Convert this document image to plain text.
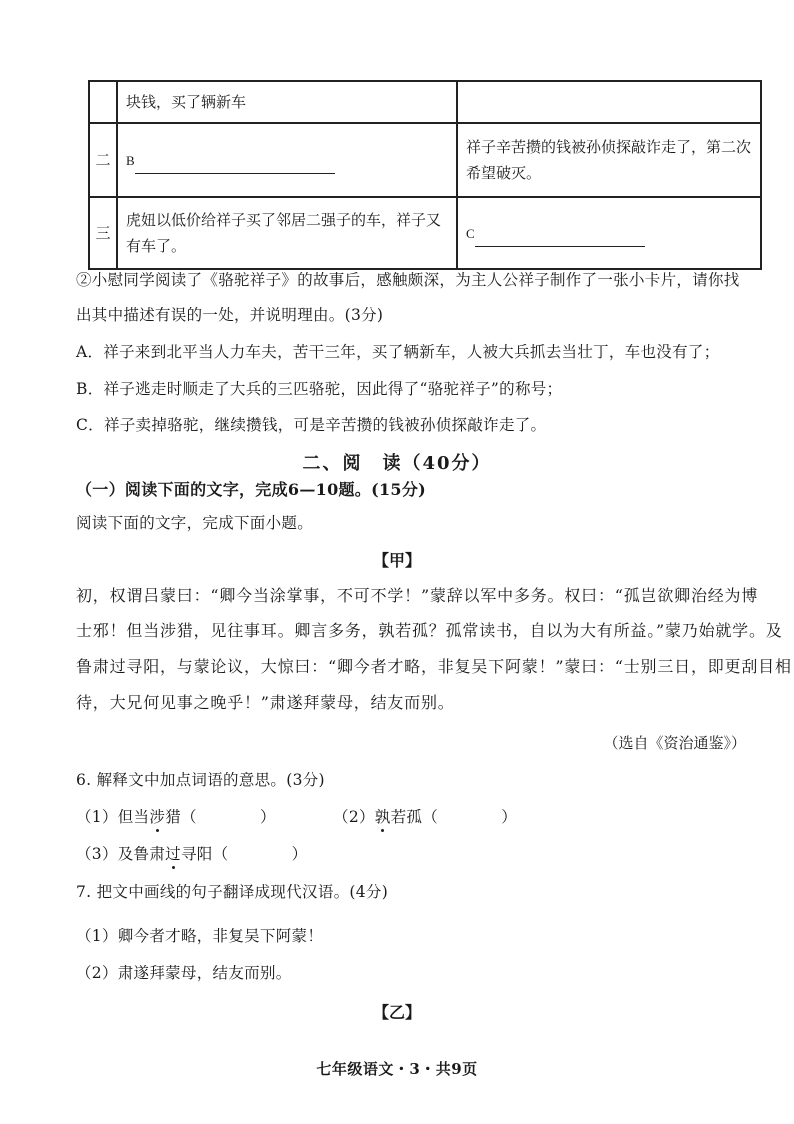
	块钱，买了辆新车	
二	B	祥子辛苦攒的钱被孙侦探敲诈走了，第二次希望破灭。
三	虎妞以低价给祥子买了邻居二强子的车，祥子又有车了。	C
②小慰同学阅读了《骆驼祥子》的故事后，感触颇深，为主人公祥子制作了一张小卡片，请你找
出其中描述有误的一处，并说明理由。(3分)
A．祥子来到北平当人力车夫，苦干三年，买了辆新车，人被大兵抓去当壮丁，车也没有了；
B．祥子逃走时顺走了大兵的三匹骆驼，因此得了“骆驼祥子”的称号；
C．祥子卖掉骆驼，继续攒钱，可是辛苦攒的钱被孙侦探敲诈走了。
二、阅　读（40分）
（一）阅读下面的文字，完成6—10题。(15分)
阅读下面的文字，完成下面小题。
【甲】
初，权谓吕蒙曰：“卿今当涂掌事，不可不学！”蒙辞以军中多务。权曰：“孤岂欲卿治经为博
士邪！但当涉猎，见往事耳。卿言多务，孰若孤？孤常读书，自以为大有所益。”蒙乃始就学。及
鲁肃过寻阳，与蒙论议，大惊曰：“卿今者才略，非复吴下阿蒙！”蒙曰：“士别三日，即更刮目相
待，大兄何见事之晚乎！”肃遂拜蒙母，结友而别。
（选自《资治通鉴》）
6. 解释文中加点词语的意思。(3分)
（1）但当涉猎（　　　　）	（2）孰若孤（　　　　）
（3）及鲁肃过寻阳（　　　　）
7. 把文中画线的句子翻译成现代汉语。(4分)
（1）卿今者才略，非复吴下阿蒙！
（2）肃遂拜蒙母，结友而别。
【乙】
七年级语文・3・共9页
